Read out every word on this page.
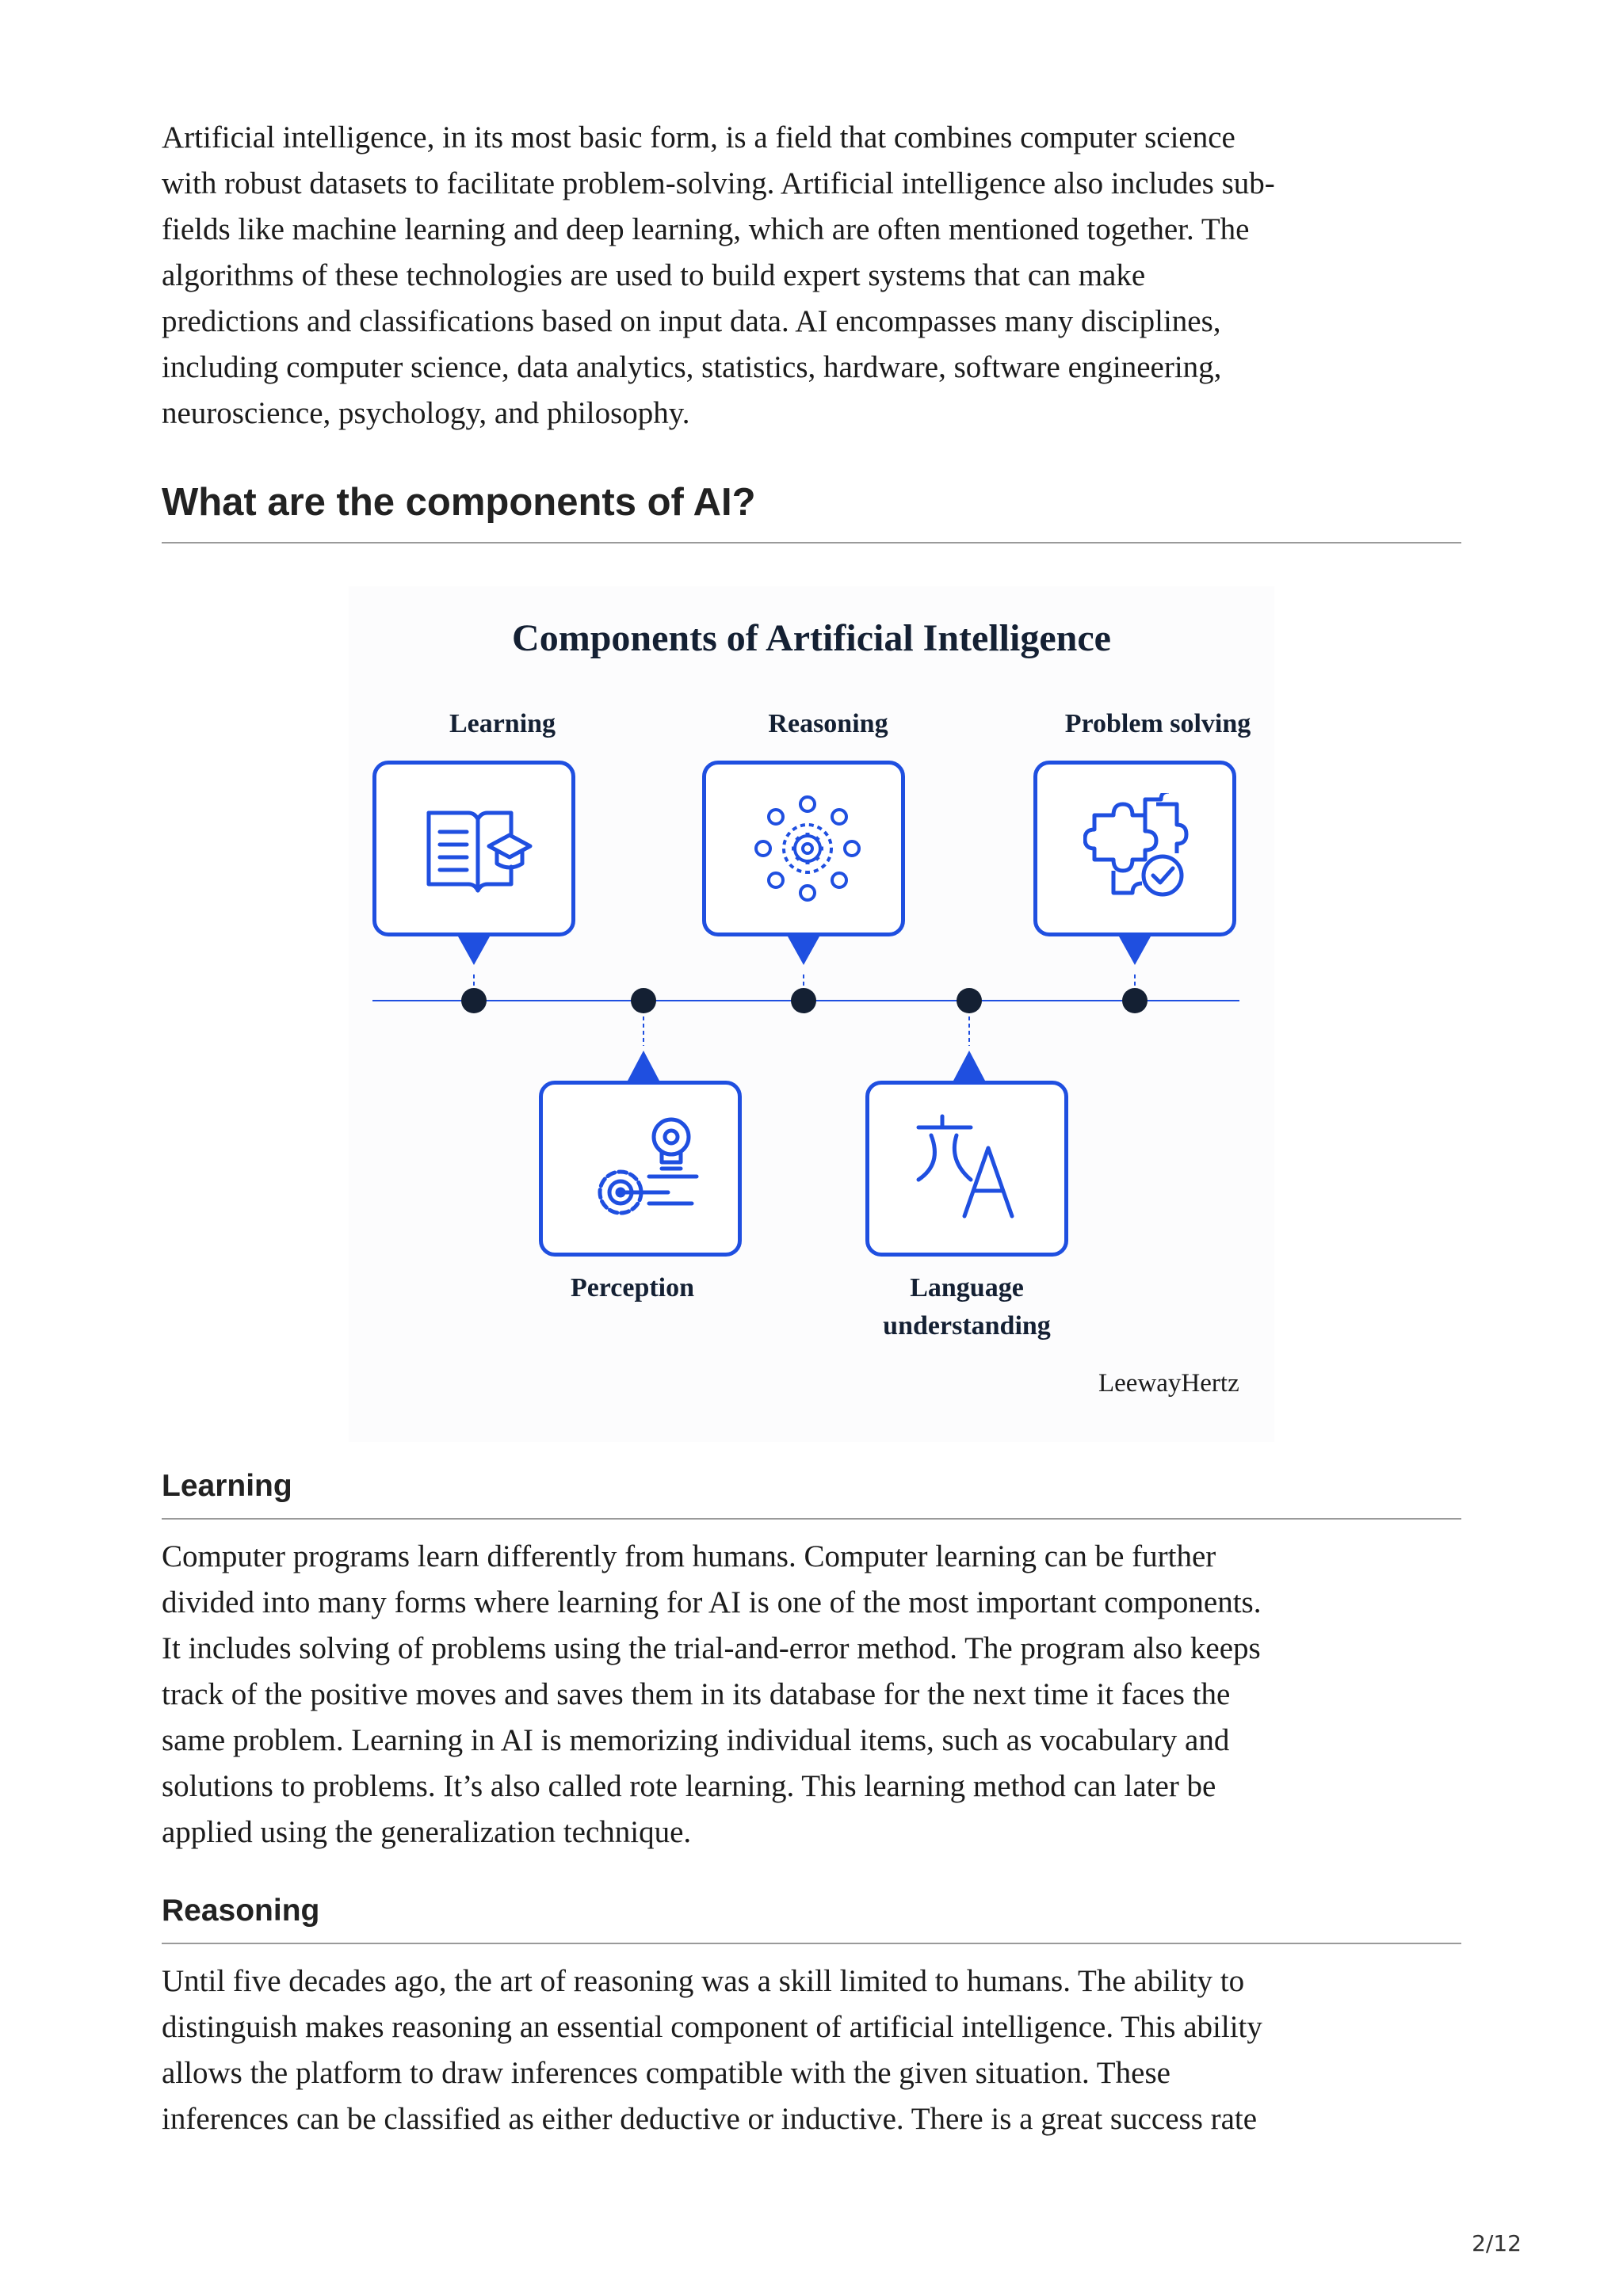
Artificial intelligence, in its most basic form, is a field that combines computer science
with robust datasets to facilitate problem-solving. Artificial intelligence also includes sub-
fields like machine learning and deep learning, which are often mentioned together. The
algorithms of these technologies are used to build expert systems that can make
predictions and classifications based on input data. AI encompasses many disciplines,
including computer science, data analytics, statistics, hardware, software engineering,
neuroscience, psychology, and philosophy.

What are the components of AI?
Components of Artificial Intelligence
Learning	Reasoning	Problem solving
Perception	Language
understanding
LeewayHertz
Learning

Computer programs learn differently from humans. Computer learning can be further
divided into many forms where learning for AI is one of the most important components.
It includes solving of problems using the trial-and-error method. The program also keeps
track of the positive moves and saves them in its database for the next time it faces the
same problem. Learning in AI is memorizing individual items, such as vocabulary and
solutions to problems. It’s also called rote learning. This learning method can later be
applied using the generalization technique.

Reasoning

Until five decades ago, the art of reasoning was a skill limited to humans. The ability to
distinguish makes reasoning an essential component of artificial intelligence. This ability
allows the platform to draw inferences compatible with the given situation. These
inferences can be classified as either deductive or inductive. There is a great success rate

2/12
